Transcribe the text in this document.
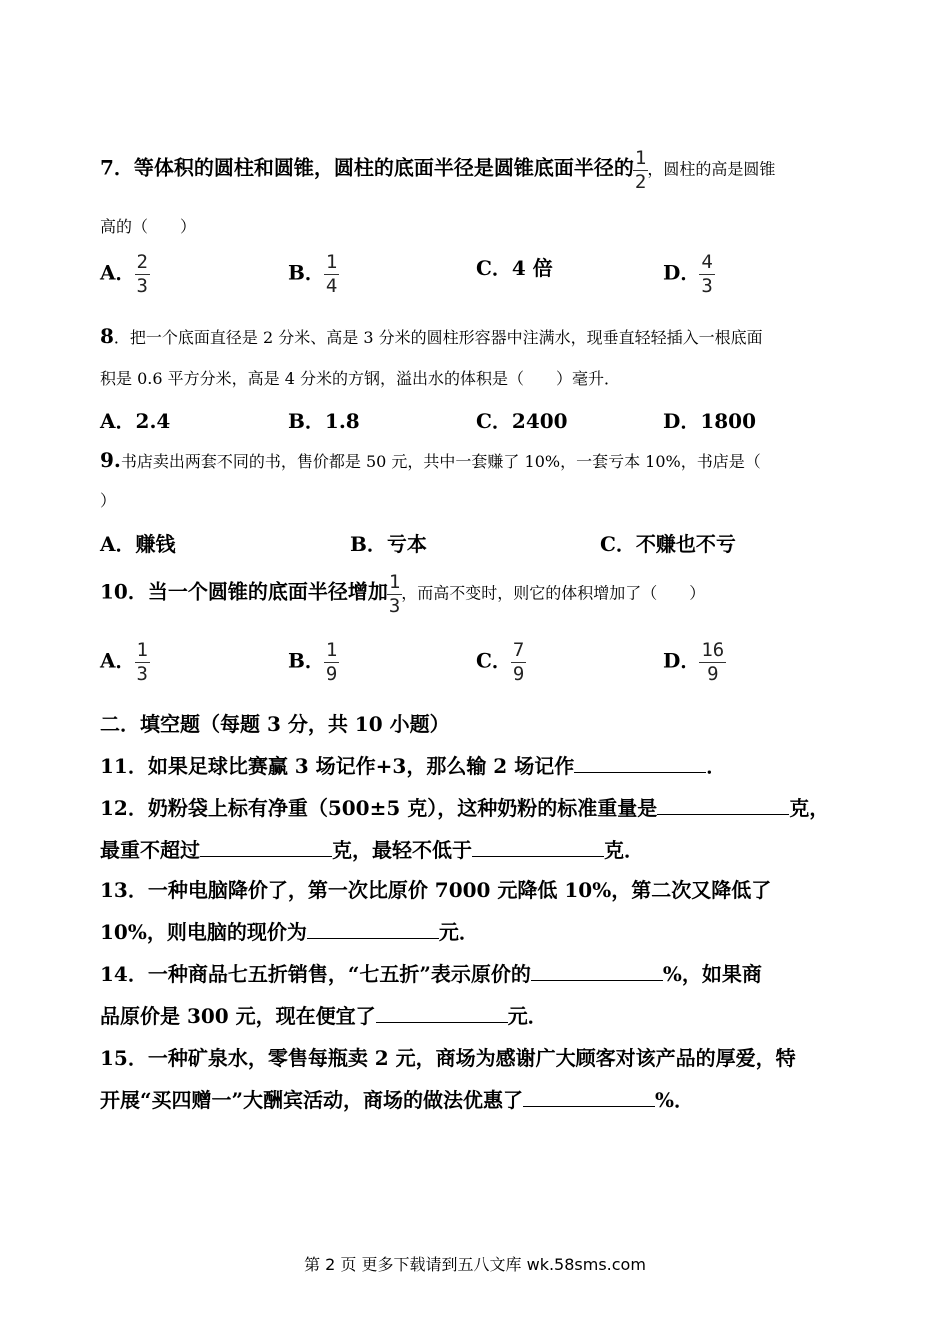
7．等体积的圆柱和圆锥，圆柱的底面半径是圆锥底面半径的 $\frac{1}{2}$ ，圆柱的高是圆锥
高的（　　）
A． $\frac{2}{3}$	B． $\frac{1}{4}$	C．4 倍	D． $\frac{4}{3}$
8．把一个底面直径是 2 分米、高是 3 分米的圆柱形容器中注满水，现垂直轻轻插入一根底面
积是 0.6 平方分米，高是 4 分米的方钢，溢出水的体积是（　　）毫升．
A．2.4	B．1.8	C．2400	D．1800
9.书店卖出两套不同的书，售价都是 50 元，共中一套赚了 10%，一套亏本 10%，书店是（
）
A．赚钱	B．亏本	C．不赚也不亏
10．当一个圆锥的底面半径增加 $\frac{1}{3}$ ，而高不变时，则它的体积增加了（　　）
A． $\frac{1}{3}$	B． $\frac{1}{9}$	C． $\frac{7}{9}$	D． $\frac{16}{9}$
二．填空题（每题 3 分，共 10 小题）
11．如果足球比赛赢 3 场记作+3，那么输 2 场记作	．
12．奶粉袋上标有净重（500±5 克），这种奶粉的标准重量是	克，
最重不超过	克，最轻不低于	克．
13．一种电脑降价了，第一次比原价 7000 元降低 10%，第二次又降低了
10%，则电脑的现价为	元．
14．一种商品七五折销售，“七五折”表示原价的	%，如果商
品原价是 300 元，现在便宜了	元．
15．一种矿泉水，零售每瓶卖 2 元，商场为感谢广大顾客对该产品的厚爱，特
开展“买四赠一”大酬宾活动，商场的做法优惠了	%．
第 2 页 更多下载请到五八文库 wk.58sms.com
